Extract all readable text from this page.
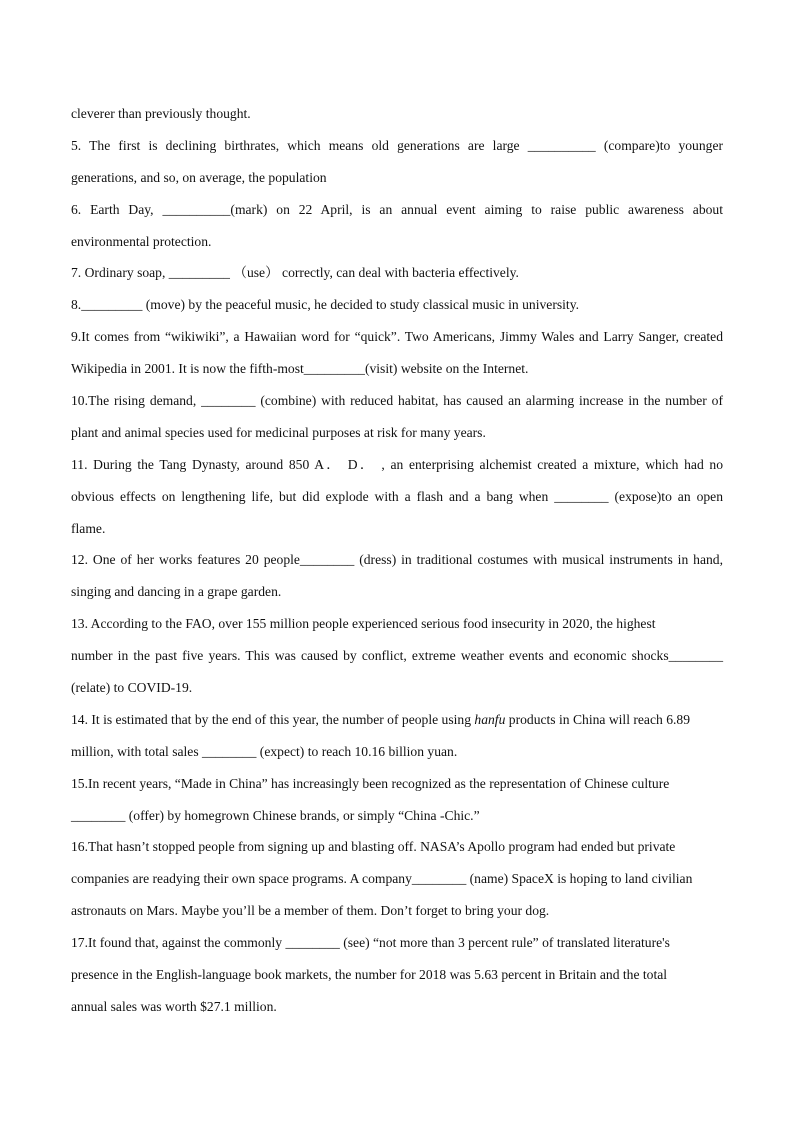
cleverer than previously thought.
5. The first is declining birthrates, which means old generations are large __________ (compare)to younger
generations, and so, on average, the population
6. Earth Day, __________(mark) on 22 April, is an annual event aiming to raise public awareness about
environmental protection.
7. Ordinary soap, _________ （use） correctly, can deal with bacteria effectively.
8._________ (move) by the peaceful music, he decided to study classical music in university.
9.It comes from “wikiwiki”, a Hawaiian word for “quick”. Two Americans, Jimmy Wales and Larry Sanger, created
Wikipedia in 2001. It is now the fifth-most_________(visit) website on the Internet.
10.The rising demand, ________ (combine) with reduced habitat, has caused an alarming increase in the number of
plant and animal species used for medicinal purposes at risk for many years.
11. During the Tang Dynasty, around 850 A． D． , an enterprising alchemist created a mixture, which had no
obvious effects on lengthening life, but did explode with a flash and a bang when ________ (expose)to an open
flame.
12. One of her works features 20 people________ (dress) in traditional costumes with musical instruments in hand,
singing and dancing in a grape garden.
13. According to the FAO, over 155 million people experienced serious food insecurity in 2020, the highest
number in the past five years. This was caused by conflict, extreme weather events and economic shocks________
(relate) to COVID-19.
14. It is estimated that by the end of this year, the number of people using hanfu products in China will reach 6.89
million, with total sales ________ (expect) to reach 10.16 billion yuan.
15.In recent years, “Made in China” has increasingly been recognized as the representation of Chinese culture
________ (offer) by homegrown Chinese brands, or simply “China -Chic.”
16.That hasn’t stopped people from signing up and blasting off. NASA’s Apollo program had ended but private
companies are readying their own space programs. A company________ (name) SpaceX is hoping to land civilian
astronauts on Mars. Maybe you’ll be a member of them. Don’t forget to bring your dog.
17.It found that, against the commonly ________ (see) “not more than 3 percent rule” of translated literature's
presence in the English-language book markets, the number for 2018 was 5.63 percent in Britain and the total
annual sales was worth $27.1 million.
